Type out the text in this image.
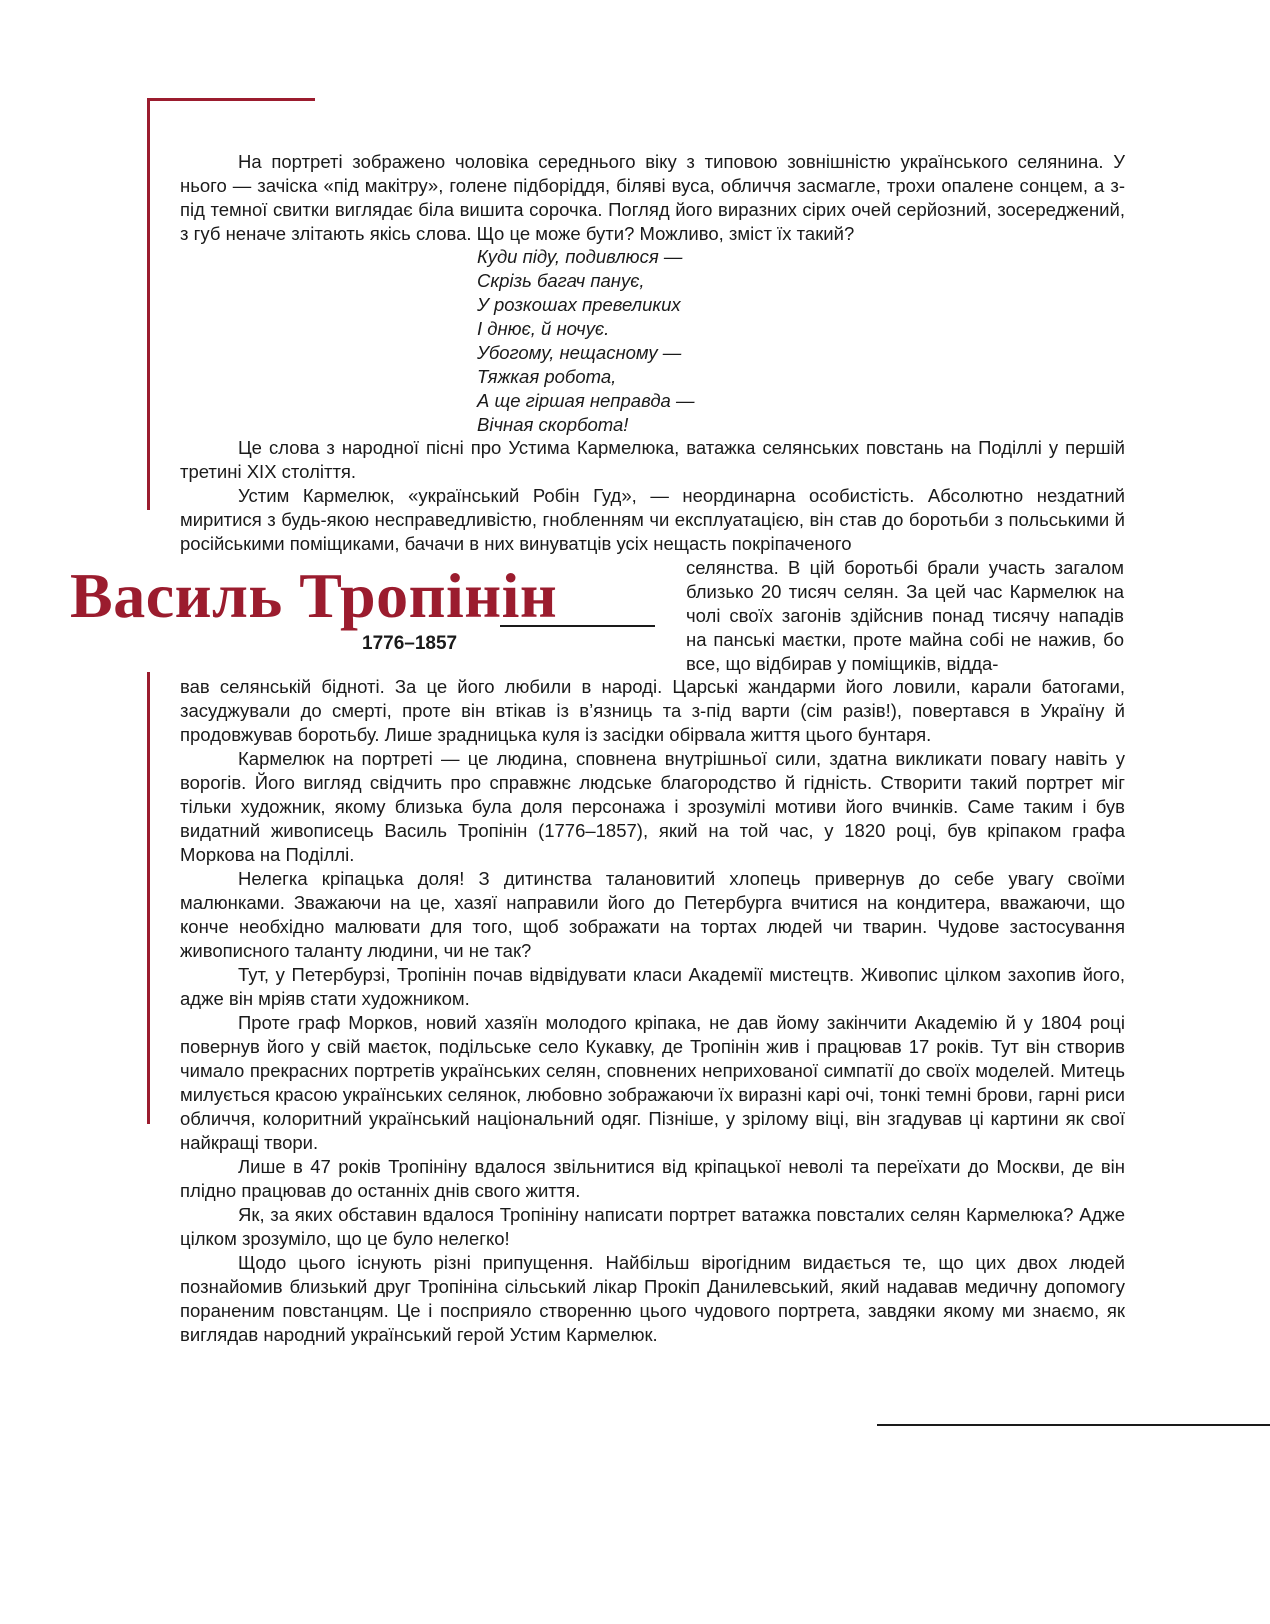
На портреті зображено чоловіка середнього віку з типовою зовнішністю українського селянина. У нього — зачіска «під макітру», голене підборіддя, біляві вуса, обличчя засмагле, трохи опалене сонцем, а з-під темної свитки виглядає біла вишита сорочка. Погляд його виразних сірих очей серйозний, зосереджений, з губ неначе злітають якісь слова. Що це може бути? Можливо, зміст їх такий?

Куди піду, подивлюся —
Скрізь багач панує,
У розкошах превеликих
І днює, й ночує.
Убогому, нещасному —
Тяжкая робота,
А ще гіршая неправда —
Вічная скорбота!

Це слова з народної пісні про Устима Кармелюка, ватажка селянських повстань на Поділлі у першій третині XIX століття.

Устим Кармелюк, «український Робін Гуд», — неординарна особистість. Абсолютно нездатний миритися з будь-якою несправедливістю, гнобленням чи експлуатацією, він став до боротьби з польськими й російськими поміщиками, бачачи в них винуватців усіх нещасть покріпаченого

Василь Тропінін
1776–1857
селянства. В цій боротьбі брали участь загалом близько 20 тисяч селян. За цей час Кармелюк на чолі своїх загонів здійснив понад тисячу нападів на панські маєтки, проте майна собі не нажив, бо все, що відбирав у поміщиків, відда-

вав селянській бідноті. За це його любили в народі. Царські жандарми його ловили, карали батогами, засуджували до смерті, проте він втікав із в’язниць та з-під варти (сім разів!), повертався в Україну й продовжував боротьбу. Лише зрадницька куля із засідки обірвала життя цього бунтаря.

Кармелюк на портреті — це людина, сповнена внутрішньої сили, здатна викликати повагу навіть у ворогів. Його вигляд свідчить про справжнє людське благородство й гідність. Створити такий портрет міг тільки художник, якому близька була доля персонажа і зрозумілі мотиви його вчинків. Саме таким і був видатний живописець Василь Тропінін (1776–1857), який на той час, у 1820 році, був кріпаком графа Моркова на Поділлі.

Нелегка кріпацька доля! З дитинства талановитий хлопець привернув до себе увагу своїми малюнками. Зважаючи на це, хазяї направили його до Петербурга вчитися на кондитера, вважаючи, що конче необхідно малювати для того, щоб зображати на тортах людей чи тварин. Чудове застосування живописного таланту людини, чи не так?

Тут, у Петербурзі, Тропінін почав відвідувати класи Академії мистецтв. Живопис цілком захопив його, адже він мріяв стати художником.

Проте граф Морков, новий хазяїн молодого кріпака, не дав йому закінчити Академію й у 1804 році повернув його у свій маєток, подільське село Кукавку, де Тропінін жив і працював 17 років. Тут він створив чимало прекрасних портретів українських селян, сповнених неприхованої симпатії до своїх моделей. Митець милується красою українських селянок, любовно зображаючи їх виразні карі очі, тонкі темні брови, гарні риси обличчя, колоритний український національний одяг. Пізніше, у зрілому віці, він згадував ці картини як свої найкращі твори.

Лише в 47 років Тропініну вдалося звільнитися від кріпацької неволі та переїхати до Москви, де він плідно працював до останніх днів свого життя.

Як, за яких обставин вдалося Тропініну написати портрет ватажка повсталих селян Кармелюка? Адже цілком зрозуміло, що це було нелегко!

Щодо цього існують різні припущення. Найбільш вірогідним видається те, що цих двох людей познайомив близький друг Тропініна сільський лікар Прокіп Данилевський, який надавав медичну допомогу пораненим повстанцям. Це і посприяло створенню цього чудового портрета, завдяки якому ми знаємо, як виглядав народний український герой Устим Кармелюк.
